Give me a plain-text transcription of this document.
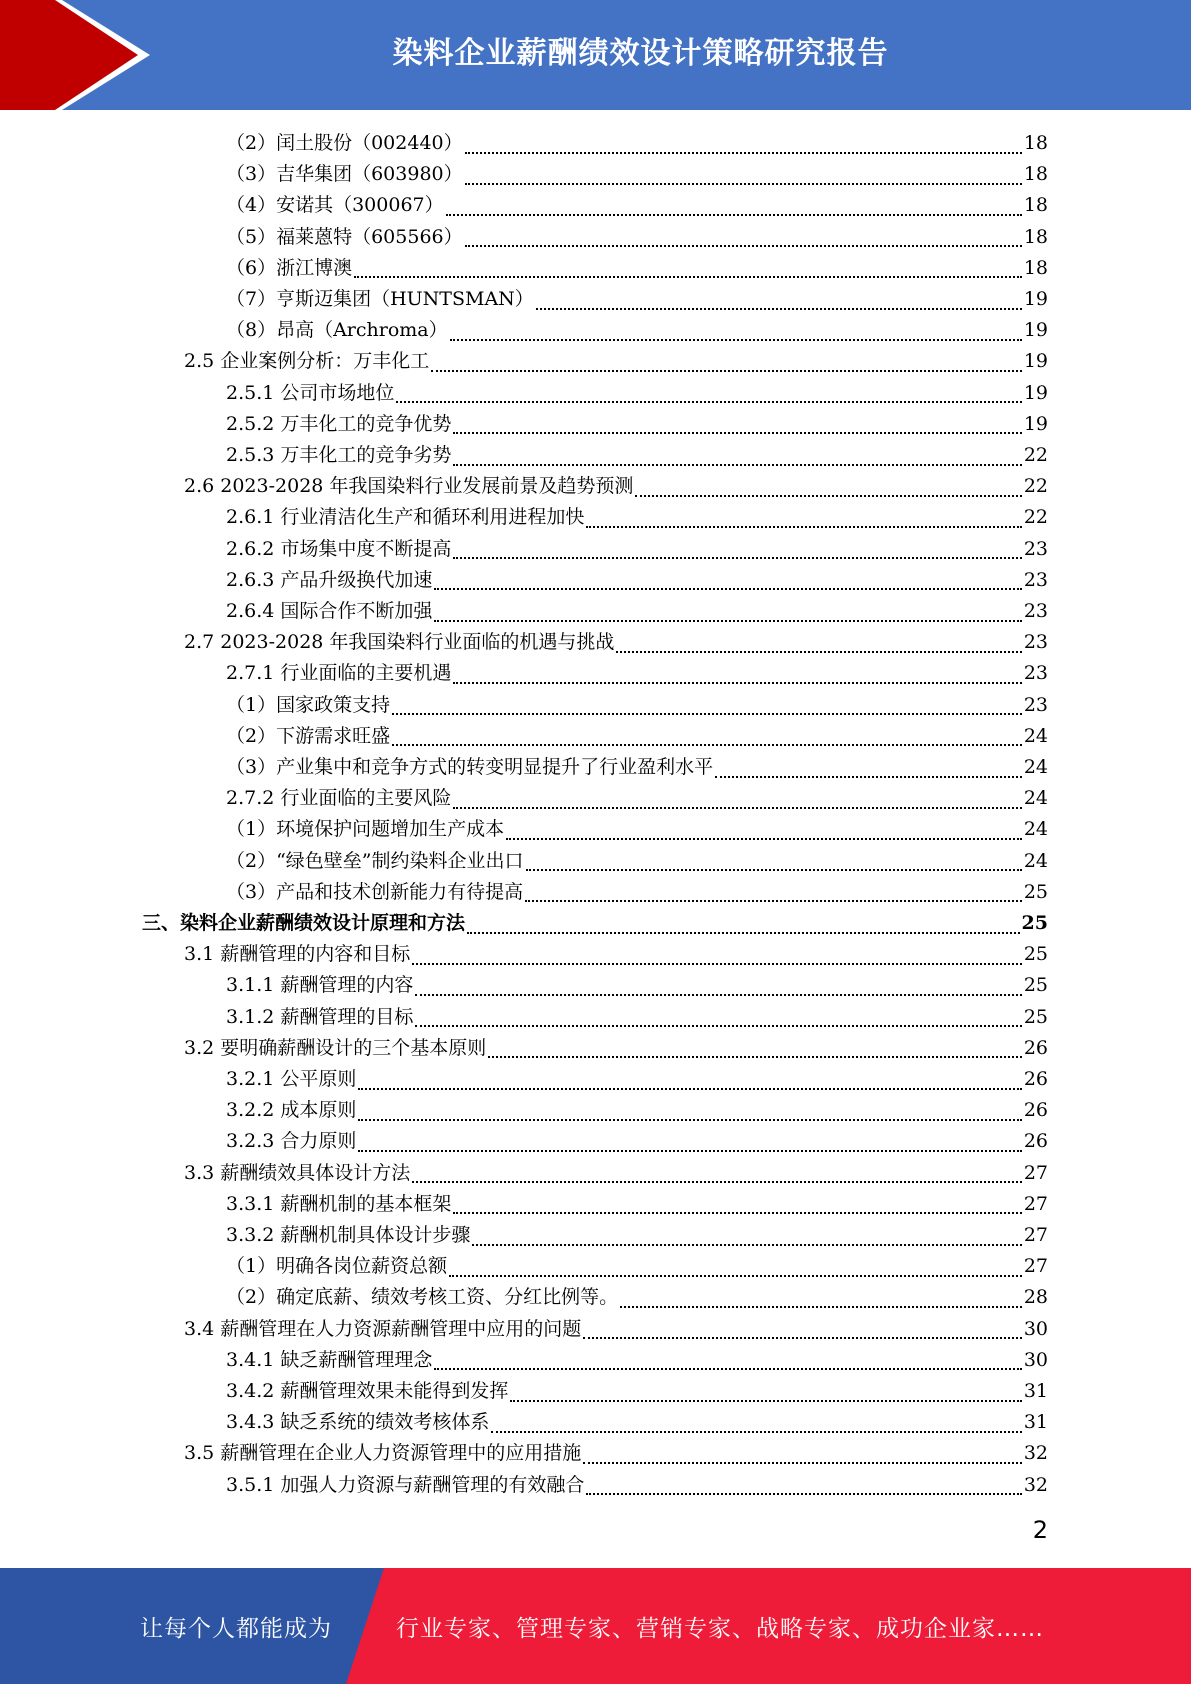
染料企业薪酬绩效设计策略研究报告
（2）闰土股份（002440）	18
（3）吉华集团（603980）	18
（4）安诺其（300067）	18
（5）福莱蒽特（605566）	18
（6）浙江博澳	18
（7）亨斯迈集团（HUNTSMAN）	19
（8）昂高（Archroma）	19
2.5 企业案例分析：万丰化工	19
2.5.1 公司市场地位	19
2.5.2 万丰化工的竞争优势	19
2.5.3 万丰化工的竞争劣势	22
2.6 2023-2028 年我国染料行业发展前景及趋势预测	22
2.6.1 行业清洁化生产和循环利用进程加快	22
2.6.2 市场集中度不断提高	23
2.6.3 产品升级换代加速	23
2.6.4 国际合作不断加强	23
2.7 2023-2028 年我国染料行业面临的机遇与挑战	23
2.7.1 行业面临的主要机遇	23
（1）国家政策支持	23
（2）下游需求旺盛	24
（3）产业集中和竞争方式的转变明显提升了行业盈利水平	24
2.7.2 行业面临的主要风险	24
（1）环境保护问题增加生产成本	24
（2）“绿色壁垒”制约染料企业出口	24
（3）产品和技术创新能力有待提高	25
三、染料企业薪酬绩效设计原理和方法	25
3.1 薪酬管理的内容和目标	25
3.1.1 薪酬管理的内容	25
3.1.2 薪酬管理的目标	25
3.2 要明确薪酬设计的三个基本原则	26
3.2.1 公平原则	26
3.2.2 成本原则	26
3.2.3 合力原则	26
3.3 薪酬绩效具体设计方法	27
3.3.1 薪酬机制的基本框架	27
3.3.2 薪酬机制具体设计步骤	27
（1）明确各岗位薪资总额	27
（2）确定底薪、绩效考核工资、分红比例等。	28
3.4 薪酬管理在人力资源薪酬管理中应用的问题	30
3.4.1 缺乏薪酬管理理念	30
3.4.2 薪酬管理效果未能得到发挥	31
3.4.3 缺乏系统的绩效考核体系	31
3.5 薪酬管理在企业人力资源管理中的应用措施	32
3.5.1 加强人力资源与薪酬管理的有效融合	32
2
让每个人都能成为	行业专家、管理专家、营销专家、战略专家、成功企业家……
